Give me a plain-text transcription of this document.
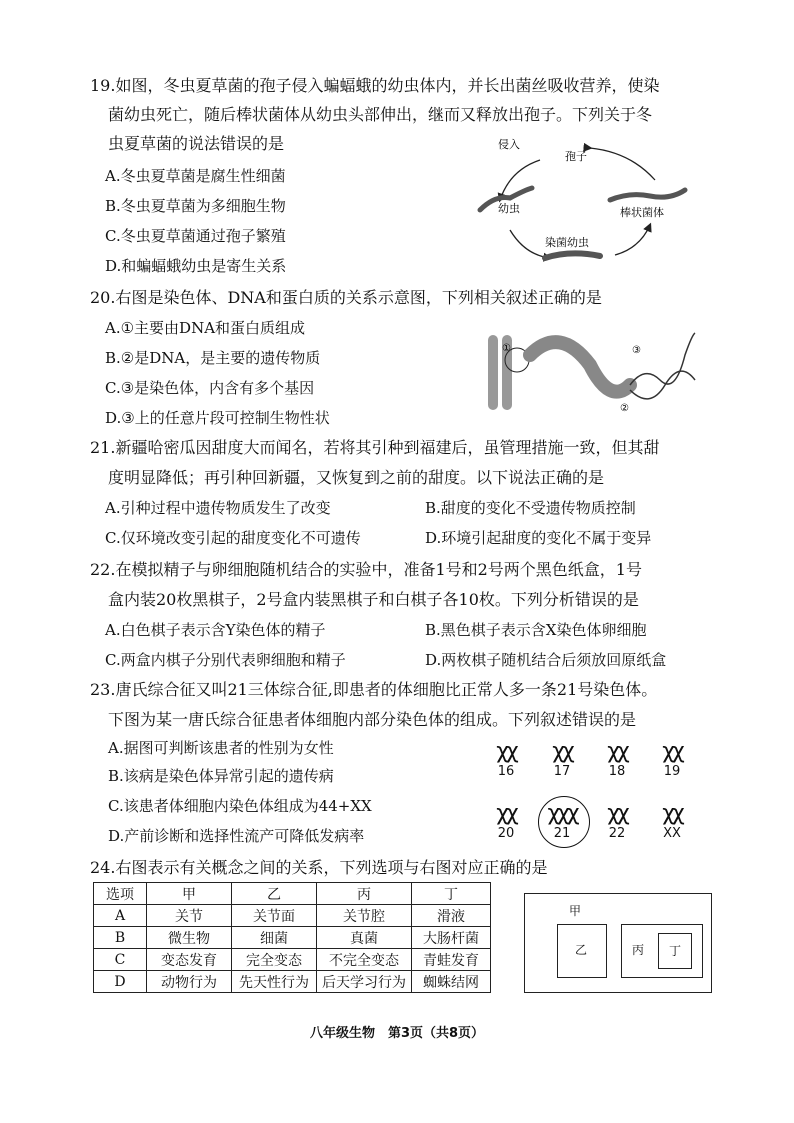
19.如图，冬虫夏草菌的孢子侵入蝙蝠蛾的幼虫体内，并长出菌丝吸收营养，使染
菌幼虫死亡，随后棒状菌体从幼虫头部伸出，继而又释放出孢子。下列关于冬
虫夏草菌的说法错误的是
A.冬虫夏草菌是腐生性细菌
B.冬虫夏草菌为多细胞生物
C.冬虫夏草菌通过孢子繁殖
D.和蝙蝠蛾幼虫是寄生关系
侵入
孢子
幼虫	棒状菌体
染菌幼虫
20.右图是染色体、DNA和蛋白质的关系示意图，下列相关叙述正确的是
A.①主要由DNA和蛋白质组成
B.②是DNA，是主要的遗传物质
C.③是染色体，内含有多个基因
D.③上的任意片段可控制生物性状
①	③
②
21.新疆哈密瓜因甜度大而闻名，若将其引种到福建后，虽管理措施一致，但其甜
度明显降低；再引种回新疆，又恢复到之前的甜度。以下说法正确的是
A.引种过程中遗传物质发生了改变	B.甜度的变化不受遗传物质控制
C.仅环境改变引起的甜度变化不可遗传	D.环境引起甜度的变化不属于变异
22.在模拟精子与卵细胞随机结合的实验中，准备1号和2号两个黑色纸盒，1号
盒内装20枚黑棋子，2号盒内装黑棋子和白棋子各10枚。下列分析错误的是
A.白色棋子表示含Y染色体的精子	B.黑色棋子表示含X染色体卵细胞
C.两盒内棋子分别代表卵细胞和精子	D.两枚棋子随机结合后须放回原纸盒
23.唐氏综合征又叫21三体综合征,即患者的体细胞比正常人多一条21号染色体。
下图为某一唐氏综合征患者体细胞内部分染色体的组成。下列叙述错误的是
A.据图可判断该患者的性别为女性
B.该病是染色体异常引起的遗传病
C.该患者体细胞内染色体组成为44+XX
D.产前诊断和选择性流产可降低发病率
χχ
16
χχ
17
χχ
18
χχ
19
χχ
20
χχχ
21
χχ
22
χχ
XX
24.右图表示有关概念之间的关系，下列选项与右图对应正确的是
选项	甲	乙	丙	丁
A	关节	关节面	关节腔	滑液
B	微生物	细菌	真菌	大肠杆菌
C	变态发育	完全变态	不完全变态	青蛙发育
D	动物行为	先天性行为	后天学习行为	蜘蛛结网
甲
乙	丙 丁
八年级生物　第3页（共8页）
